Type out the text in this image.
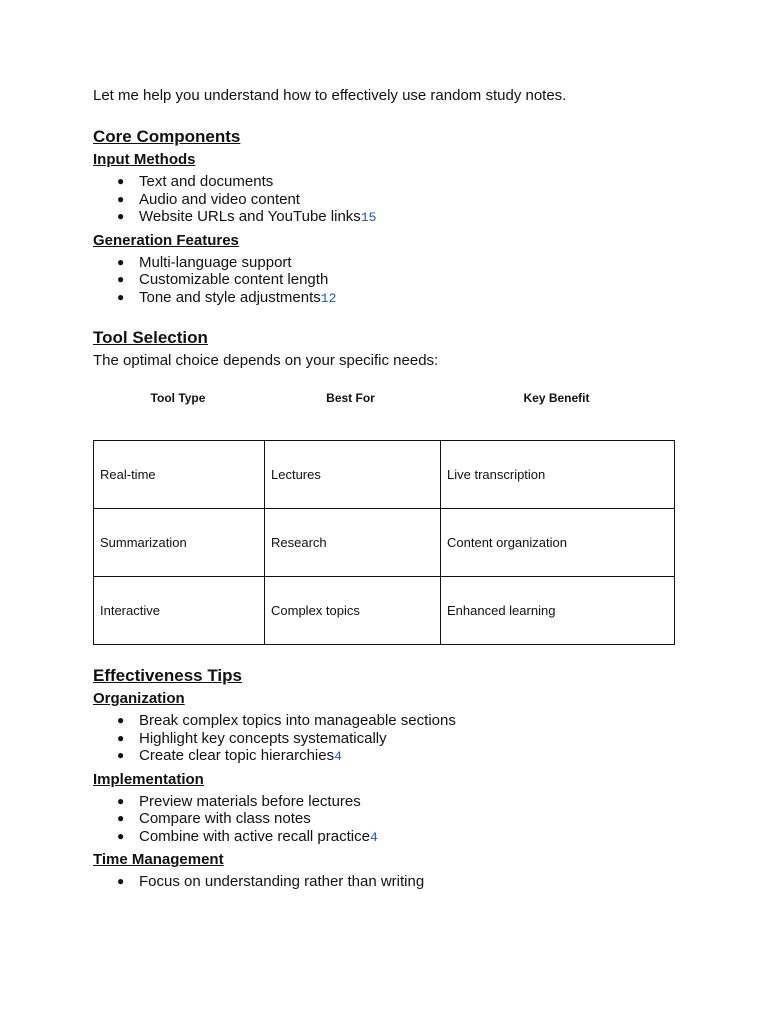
Let me help you understand how to effectively use random study notes.

Core Components
Input Methods
● Text and documents
● Audio and video content
● Website URLs and YouTube links15
Generation Features
● Multi-language support
● Customizable content length
● Tone and style adjustments12
Tool Selection

The optimal choice depends on your specific needs:

Tool Type	Best For	Key Benefit
Real-time	Lectures	Live transcription
Summarization	Research	Content organization
Interactive	Complex topics	Enhanced learning
Effectiveness Tips
Organization
● Break complex topics into manageable sections
● Highlight key concepts systematically
● Create clear topic hierarchies4
Implementation
● Preview materials before lectures
● Compare with class notes
● Combine with active recall practice4
Time Management
● Focus on understanding rather than writing
